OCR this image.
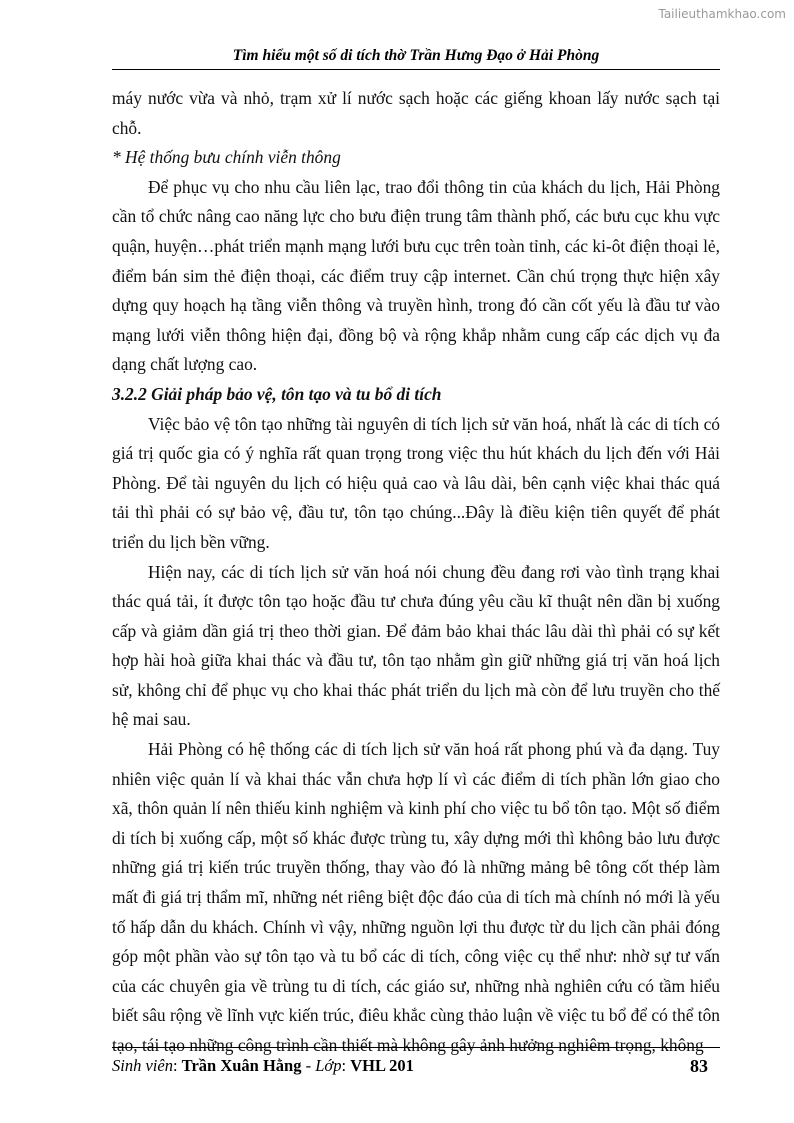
Tailieuthamkhao.com
Tìm hiểu một số di tích thờ Trần Hưng Đạo ở Hải Phòng

máy nước vừa và nhỏ, trạm xử lí nước sạch hoặc các giếng khoan lấy nước sạch tại chỗ.

* Hệ thống bưu chính viễn thông

Để phục vụ cho nhu cầu liên lạc, trao đổi thông tin của khách du lịch, Hải Phòng cần tổ chức nâng cao năng lực cho bưu điện trung tâm thành phố, các bưu cục khu vực quận, huyện…phát triển mạnh mạng lưới bưu cục trên toàn tỉnh, các ki-ôt điện thoại lẻ, điểm bán sim thẻ điện thoại, các điểm truy cập internet. Cần chú trọng thực hiện xây dựng quy hoạch hạ tầng viễn thông và truyền hình, trong đó cần cốt yếu là đầu tư vào mạng lưới viễn thông hiện đại, đồng bộ và rộng khắp nhằm cung cấp các dịch vụ đa dạng chất lượng cao.

3.2.2 Giải pháp bảo vệ, tôn tạo và tu bổ di tích

Việc bảo vệ tôn tạo những tài nguyên di tích lịch sử văn hoá, nhất là các di tích có giá trị quốc gia có ý nghĩa rất quan trọng trong việc thu hút khách du lịch đến với Hải Phòng. Để tài nguyên du lịch có hiệu quả cao và lâu dài, bên cạnh việc khai thác quá tải thì phải có sự bảo vệ, đầu tư, tôn tạo chúng...Đây là điều kiện tiên quyết để phát triển du lịch bền vững.

Hiện nay, các di tích lịch sử văn hoá nói chung đều đang rơi vào tình trạng khai thác quá tải, ít được tôn tạo hoặc đầu tư chưa đúng yêu cầu kĩ thuật nên dần bị xuống cấp và giảm dần giá trị theo thời gian. Để đảm bảo khai thác lâu dài thì phải có sự kết hợp hài hoà giữa khai thác và đầu tư, tôn tạo nhằm gìn giữ những giá trị văn hoá lịch sử, không chỉ để phục vụ cho khai thác phát triển du lịch mà còn để lưu truyền cho thế hệ mai sau.

Hải Phòng có hệ thống các di tích lịch sử văn hoá rất phong phú và đa dạng. Tuy nhiên việc quản lí và khai thác vẫn chưa hợp lí vì các điểm di tích phần lớn giao cho xã, thôn quản lí nên thiếu kinh nghiệm và kinh phí cho việc tu bổ tôn tạo. Một số điểm di tích bị xuống cấp, một số khác được trùng tu, xây dựng mới thì không bảo lưu được những giá trị kiến trúc truyền thống, thay vào đó là những mảng bê tông cốt thép làm mất đi giá trị thẩm mĩ, những nét riêng biệt độc đáo của di tích mà chính nó mới là yếu tố hấp dẫn du khách. Chính vì vậy, những nguồn lợi thu được từ du lịch cần phải đóng góp một phần vào sự tôn tạo và tu bổ các di tích, công việc cụ thể như: nhờ sự tư vấn của các chuyên gia về trùng tu di tích, các giáo sư, những nhà nghiên cứu có tầm hiểu biết sâu rộng về lĩnh vực kiến trúc, điêu khắc cùng thảo luận về việc tu bổ để có thể tôn tạo, tái tạo những công trình cần thiết mà không gây ảnh hưởng nghiêm trọng, không

Sinh viên: Trần Xuân Hằng - Lớp: VHL 201	83
